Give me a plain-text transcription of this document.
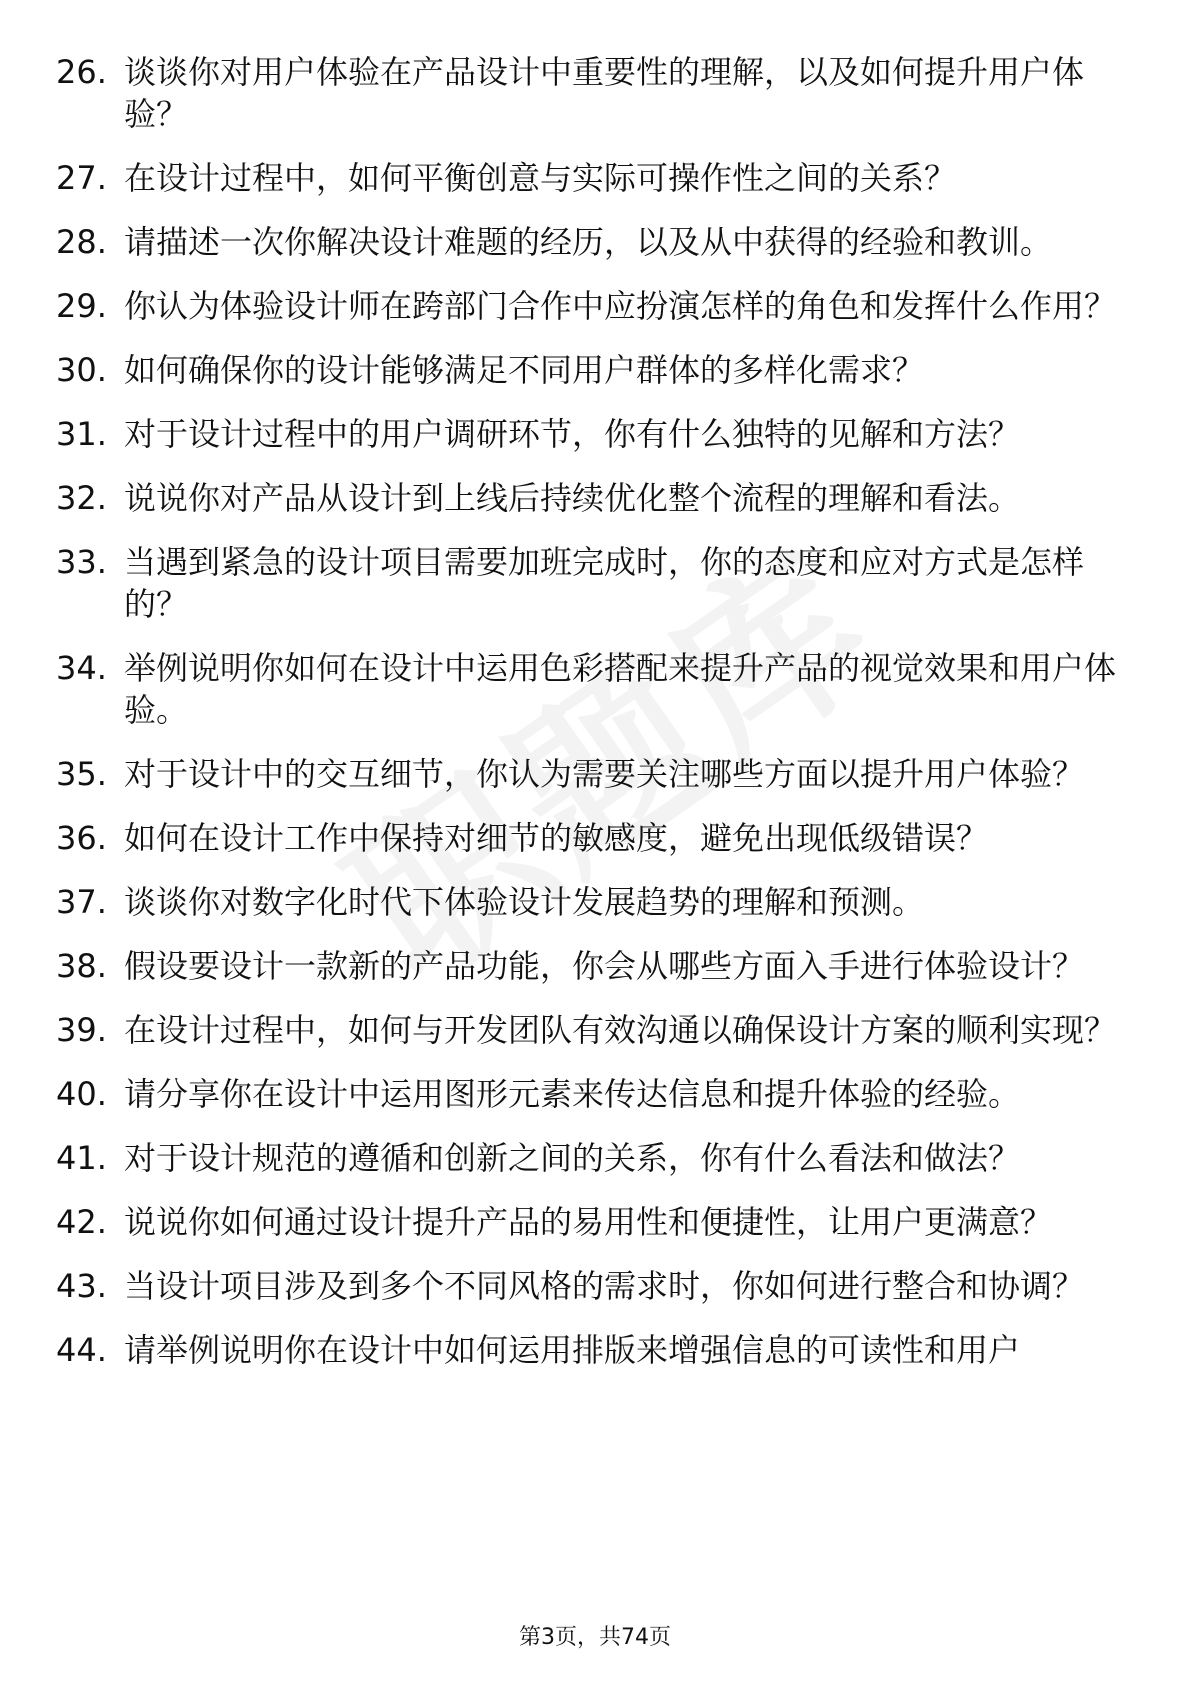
26. 谈谈你对用户体验在产品设计中重要性的理解，以及如何提升用户体验？
27. 在设计过程中，如何平衡创意与实际可操作性之间的关系？
28. 请描述一次你解决设计难题的经历，以及从中获得的经验和教训。
29. 你认为体验设计师在跨部门合作中应扮演怎样的角色和发挥什么作用？
30. 如何确保你的设计能够满足不同用户群体的多样化需求？
31. 对于设计过程中的用户调研环节，你有什么独特的见解和方法？
32. 说说你对产品从设计到上线后持续优化整个流程的理解和看法。
33. 当遇到紧急的设计项目需要加班完成时，你的态度和应对方式是怎样的？
34. 举例说明你如何在设计中运用色彩搭配来提升产品的视觉效果和用户体验。
35. 对于设计中的交互细节，你认为需要关注哪些方面以提升用户体验？
36. 如何在设计工作中保持对细节的敏感度，避免出现低级错误？
37. 谈谈你对数字化时代下体验设计发展趋势的理解和预测。
38. 假设要设计一款新的产品功能，你会从哪些方面入手进行体验设计？
39. 在设计过程中，如何与开发团队有效沟通以确保设计方案的顺利实现？
40. 请分享你在设计中运用图形元素来传达信息和提升体验的经验。
41. 对于设计规范的遵循和创新之间的关系，你有什么看法和做法？
42. 说说你如何通过设计提升产品的易用性和便捷性，让用户更满意？
43. 当设计项目涉及到多个不同风格的需求时，你如何进行整合和协调？
44. 请举例说明你在设计中如何运用排版来增强信息的可读性和用户
第3页，共74页
